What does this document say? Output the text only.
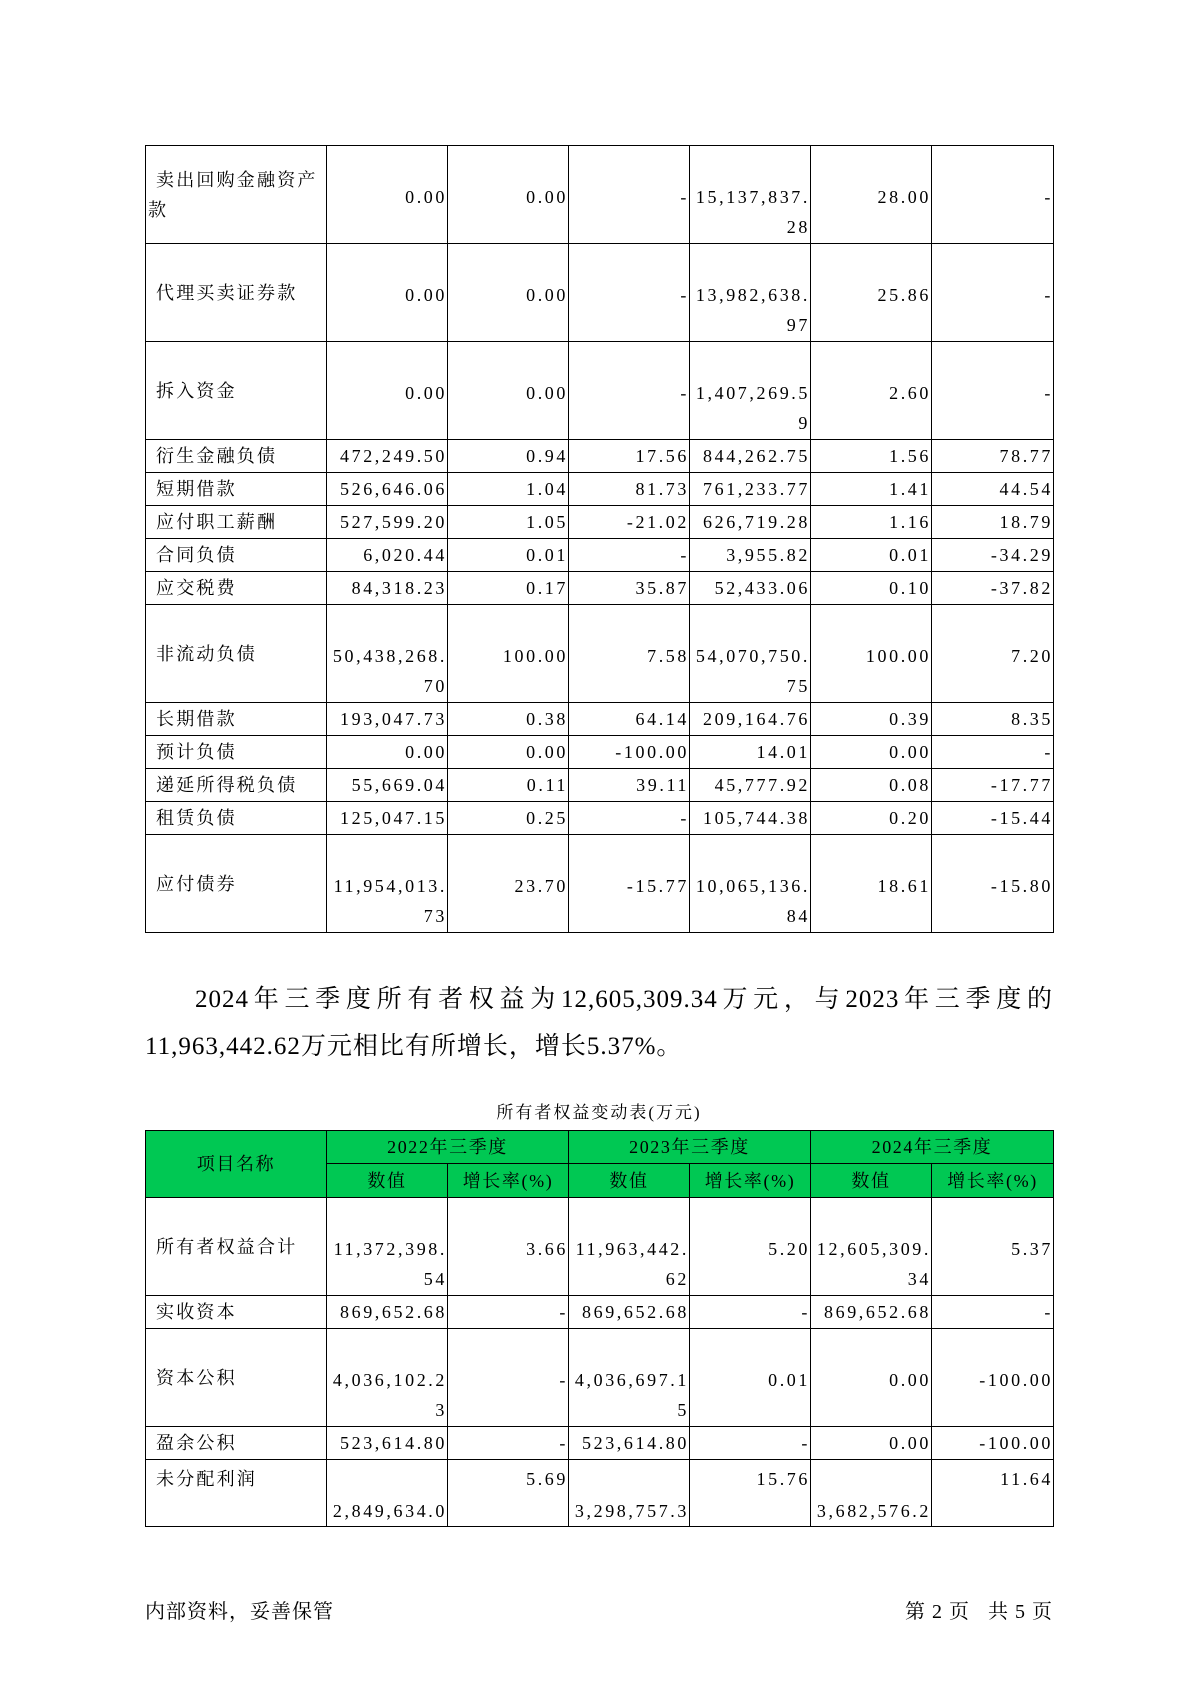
卖出回购金融资产款	0.00	0.00	-	15,137,837.28	28.00	-
代理买卖证券款	0.00	0.00	-	13,982,638.97	25.86	-
拆入资金	0.00	0.00	-	1,407,269.59	2.60	-
衍生金融负债	472,249.50	0.94	17.56	844,262.75	1.56	78.77
短期借款	526,646.06	1.04	81.73	761,233.77	1.41	44.54
应付职工薪酬	527,599.20	1.05	-21.02	626,719.28	1.16	18.79
合同负债	6,020.44	0.01	-	3,955.82	0.01	-34.29
应交税费	84,318.23	0.17	35.87	52,433.06	0.10	-37.82
非流动负债	50,438,268.70	100.00	7.58	54,070,750.75	100.00	7.20
长期借款	193,047.73	0.38	64.14	209,164.76	0.39	8.35
预计负债	0.00	0.00	-100.00	14.01	0.00	-
递延所得税负债	55,669.04	0.11	39.11	45,777.92	0.08	-17.77
租赁负债	125,047.15	0.25	-	105,744.38	0.20	-15.44
应付债券	11,954,013.73	23.70	-15.77	10,065,136.84	18.61	-15.80

2024年三季度所有者权益为12,605,309.34万元，与2023年三季度的11,963,442.62万元相比有所增长，增长5.37%。

所有者权益变动表(万元)
项目名称	2022年三季度		2023年三季度		2024年三季度	
	数值	增长率(%)	数值	增长率(%)	数值	增长率(%)
所有者权益合计	11,372,398.54	3.66	11,963,442.62	5.20	12,605,309.34	5.37
实收资本	869,652.68	-	869,652.68	-	869,652.68	-
资本公积	4,036,102.23	-	4,036,697.15	0.01	0.00	-100.00
盈余公积	523,614.80	-	523,614.80	-	0.00	-100.00
未分配利润	2,849,634.0	5.69	3,298,757.3	15.76	3,682,576.2	11.64
内部资料，妥善保管	第 2 页   共 5 页
